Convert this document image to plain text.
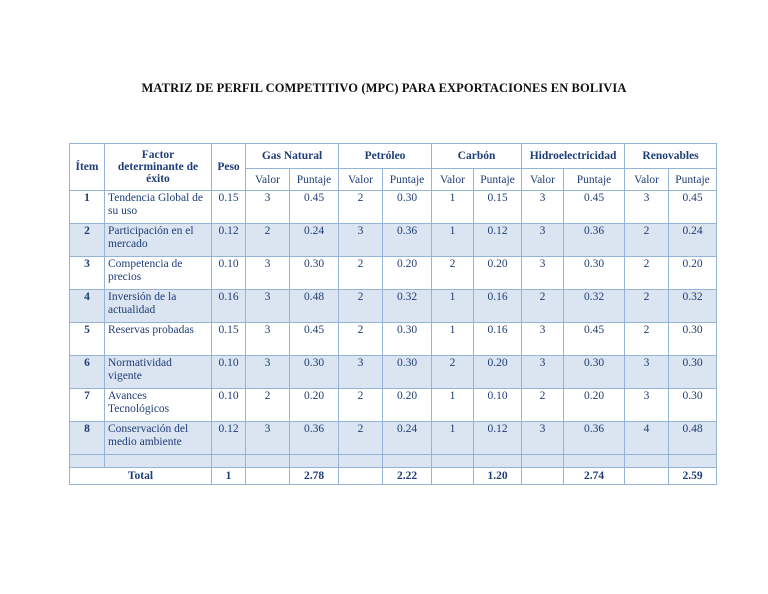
MATRIZ DE PERFIL COMPETITIVO (MPC) PARA EXPORTACIONES EN BOLIVIA
Ítem	Factor determinante de éxito	Peso	Gas Natural		Petróleo		Carbón		Hidroelectricidad		Renovables	
			Valor	Puntaje	Valor	Puntaje	Valor	Puntaje	Valor	Puntaje	Valor	Puntaje
1	Tendencia Global de su uso	0.15	3	0.45	2	0.30	1	0.15	3	0.45	3	0.45
2	Participación en el mercado	0.12	2	0.24	3	0.36	1	0.12	3	0.36	2	0.24
3	Competencia de precios	0.10	3	0.30	2	0.20	2	0.20	3	0.30	2	0.20
4	Inversión de la actualidad	0.16	3	0.48	2	0.32	1	0.16	2	0.32	2	0.32
5	Reservas probadas	0.15	3	0.45	2	0.30	1	0.16	3	0.45	2	0.30
6	Normatividad vigente	0.10	3	0.30	3	0.30	2	0.20	3	0.30	3	0.30
7	Avances Tecnológicos	0.10	2	0.20	2	0.20	1	0.10	2	0.20	3	0.30
8	Conservación del medio ambiente	0.12	3	0.36	2	0.24	1	0.12	3	0.36	4	0.48

Total		1		2.78		2.22		1.20		2.74		2.59
